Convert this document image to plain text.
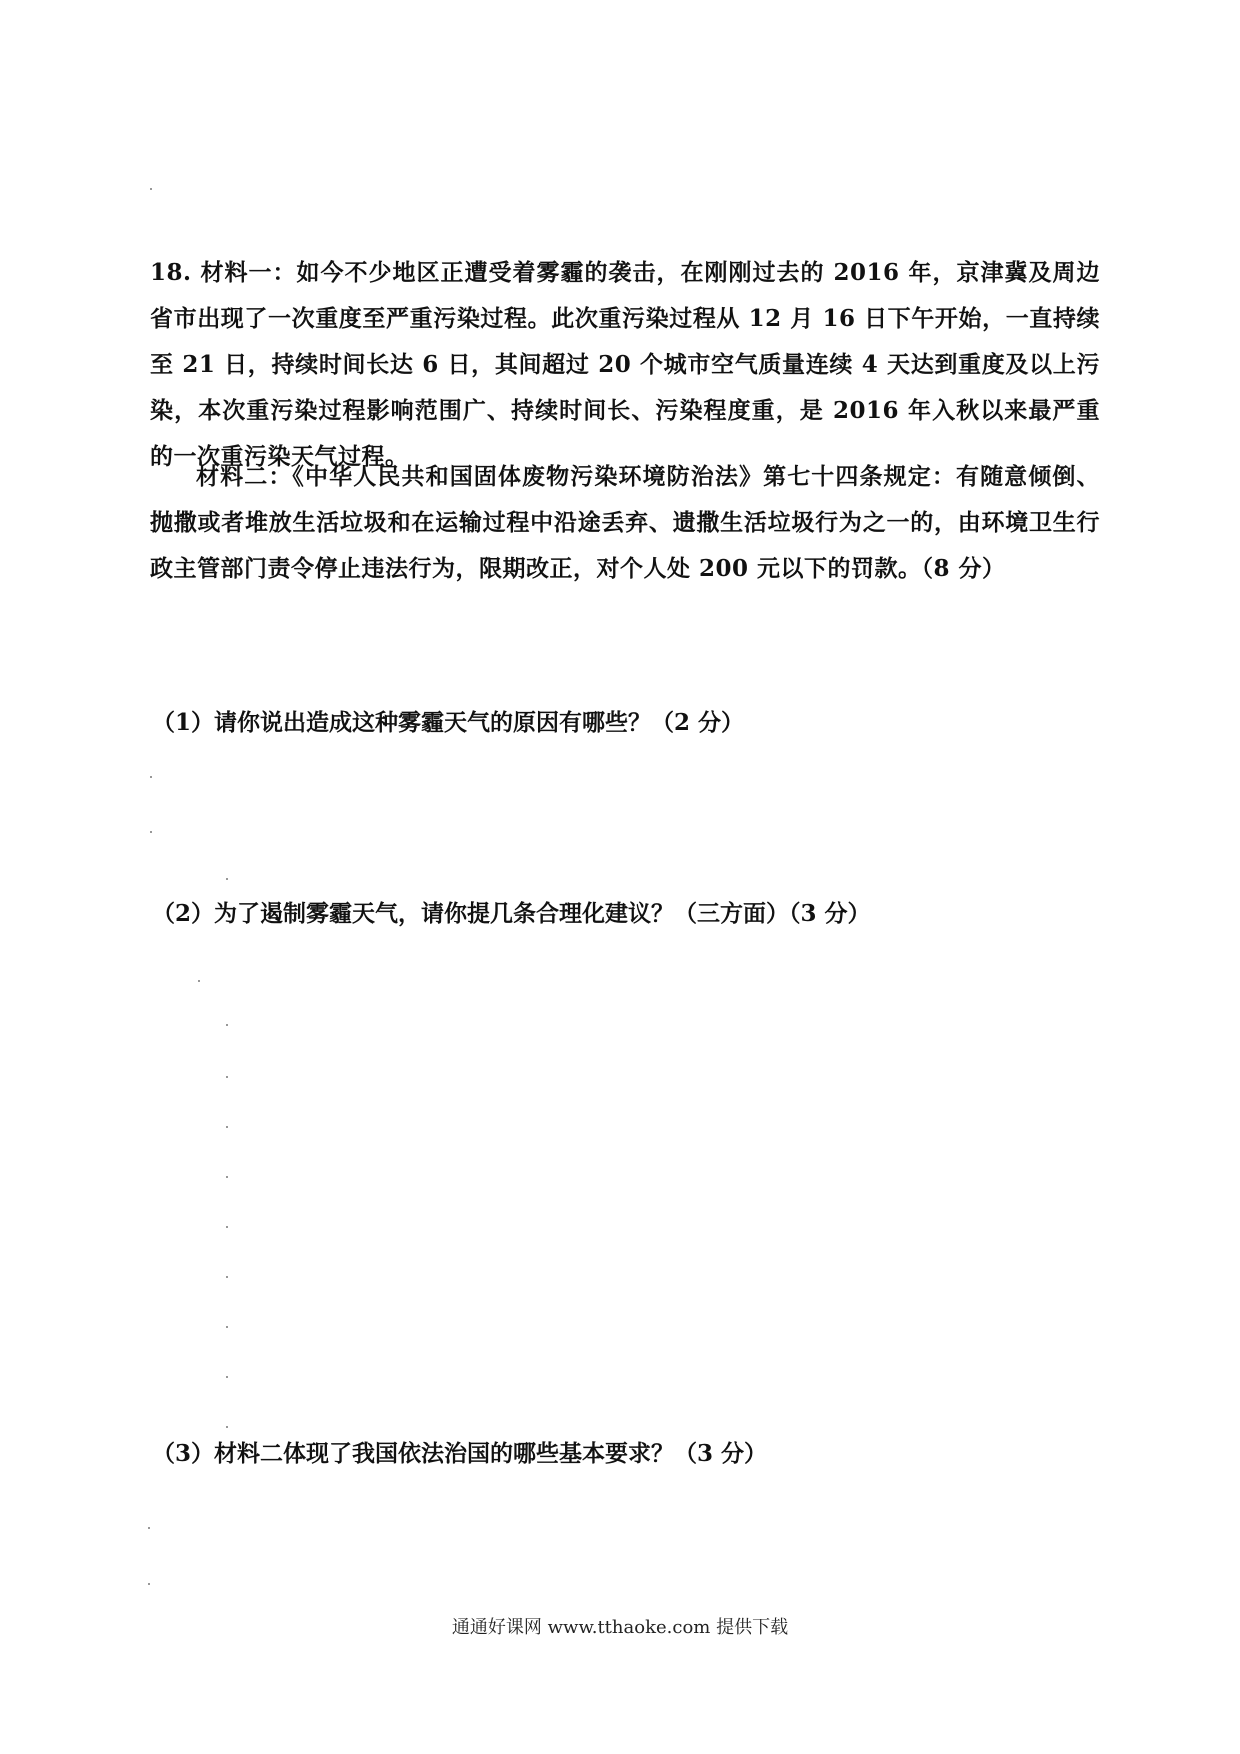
18. 材料一：如今不少地区正遭受着雾霾的袭击，在刚刚过去的 2016 年，京津冀及周边省市出现了一次重度至严重污染过程。此次重污染过程从 12 月 16 日下午开始，一直持续至 21 日，持续时间长达 6 日，其间超过 20 个城市空气质量连续 4 天达到重度及以上污染，本次重污染过程影响范围广、持续时间长、污染程度重，是 2016 年入秋以来最严重的一次重污染天气过程。

材料二：《中华人民共和国固体废物污染环境防治法》第七十四条规定：有随意倾倒、抛撒或者堆放生活垃圾和在运输过程中沿途丢弃、遗撒生活垃圾行为之一的，由环境卫生行政主管部门责令停止违法行为，限期改正，对个人处 200 元以下的罚款。（8 分）

（1）请你说出造成这种雾霾天气的原因有哪些？（2 分）

（2）为了遏制雾霾天气，请你提几条合理化建议？（三方面）（3 分）

（3）材料二体现了我国依法治国的哪些基本要求？（3 分）

通通好课网 www.tthaoke.com 提供下载
